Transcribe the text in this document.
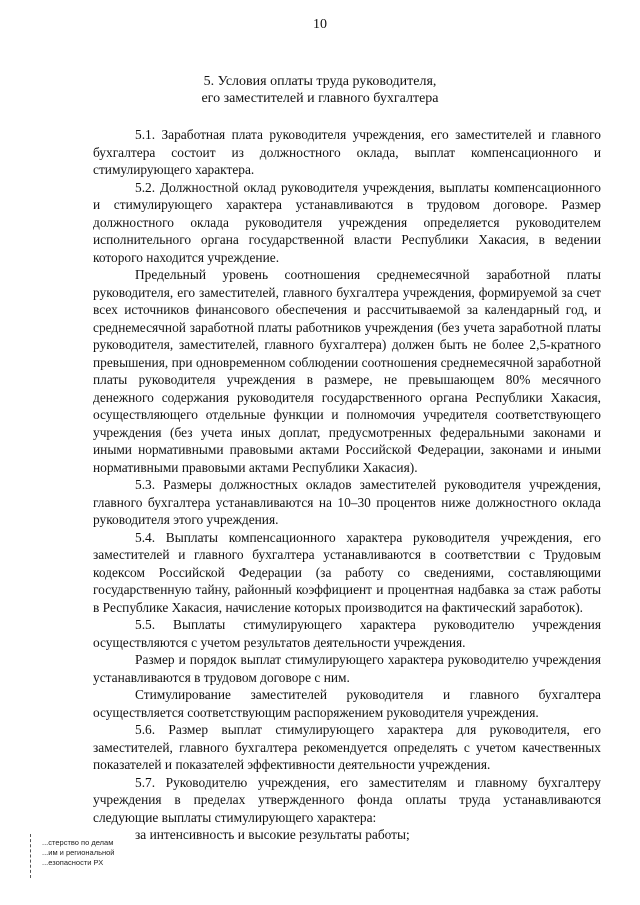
10
5. Условия оплаты труда руководителя,
его заместителей и главного бухгалтера

5.1. Заработная плата руководителя учреждения, его заместителей и главного бухгалтера состоит из должностного оклада, выплат компенсационного и стимулирующего характера.

5.2. Должностной оклад руководителя учреждения, выплаты компенсационного и стимулирующего характера устанавливаются в трудовом договоре. Размер должностного оклада руководителя учреждения определяется руководителем исполнительного органа государственной власти Республики Хакасия, в ведении которого находится учреждение.

Предельный уровень соотношения среднемесячной заработной платы руководителя, его заместителей, главного бухгалтера учреждения, формируемой за счет всех источников финансового обеспечения и рассчитываемой за календарный год, и среднемесячной заработной платы работников учреждения (без учета заработной платы руководителя, заместителей, главного бухгалтера) должен быть не более 2,5-кратного превышения, при одновременном соблюдении соотношения среднемесячной заработной платы руководителя учреждения в размере, не превышающем 80% месячного денежного содержания руководителя государственного органа Республики Хакасия, осуществляющего отдельные функции и полномочия учредителя соответствующего учреждения (без учета иных доплат, предусмотренных федеральными законами и иными нормативными правовыми актами Российской Федерации, законами и иными нормативными правовыми актами Республики Хакасия).

5.3. Размеры должностных окладов заместителей руководителя учреждения, главного бухгалтера устанавливаются на 10–30 процентов ниже должностного оклада руководителя этого учреждения.

5.4. Выплаты компенсационного характера руководителя учреждения, его заместителей и главного бухгалтера устанавливаются в соответствии с Трудовым кодексом Российской Федерации (за работу со сведениями, составляющими государственную тайну, районный коэффициент и процентная надбавка за стаж работы в Республике Хакасия, начисление которых производится на фактический заработок).

5.5. Выплаты стимулирующего характера руководителю учреждения осуществляются с учетом результатов деятельности учреждения.

Размер и порядок выплат стимулирующего характера руководителю учреждения устанавливаются в трудовом договоре с ним.

Стимулирование заместителей руководителя и главного бухгалтера осуществляется соответствующим распоряжением руководителя учреждения.

5.6. Размер выплат стимулирующего характера для руководителя, его заместителей, главного бухгалтера рекомендуется определять с учетом качественных показателей и показателей эффективности деятельности учреждения.

5.7. Руководителю учреждения, его заместителям и главному бухгалтеру учреждения в пределах утвержденного фонда оплаты труда устанавливаются следующие выплаты стимулирующего характера:

за интенсивность и высокие результаты работы;

...стерство по делам
...им и региональной
...езопасности РХ
